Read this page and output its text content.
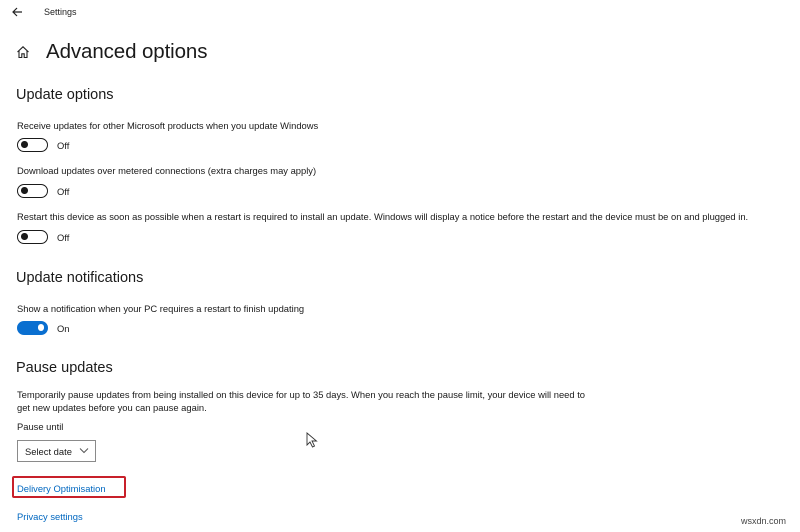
Settings
Advanced options
Update options
Receive updates for other Microsoft products when you update Windows
Off
Download updates over metered connections (extra charges may apply)
Off
Restart this device as soon as possible when a restart is required to install an update. Windows will display a notice before the restart and the device must be on and plugged in.
Off
Update notifications
Show a notification when your PC requires a restart to finish updating
On
Pause updates
Temporarily pause updates from being installed on this device for up to 35 days. When you reach the pause limit, your device will need to get new updates before you can pause again.
Pause until
Select date
Delivery Optimisation
Privacy settings	wsxdn.com
